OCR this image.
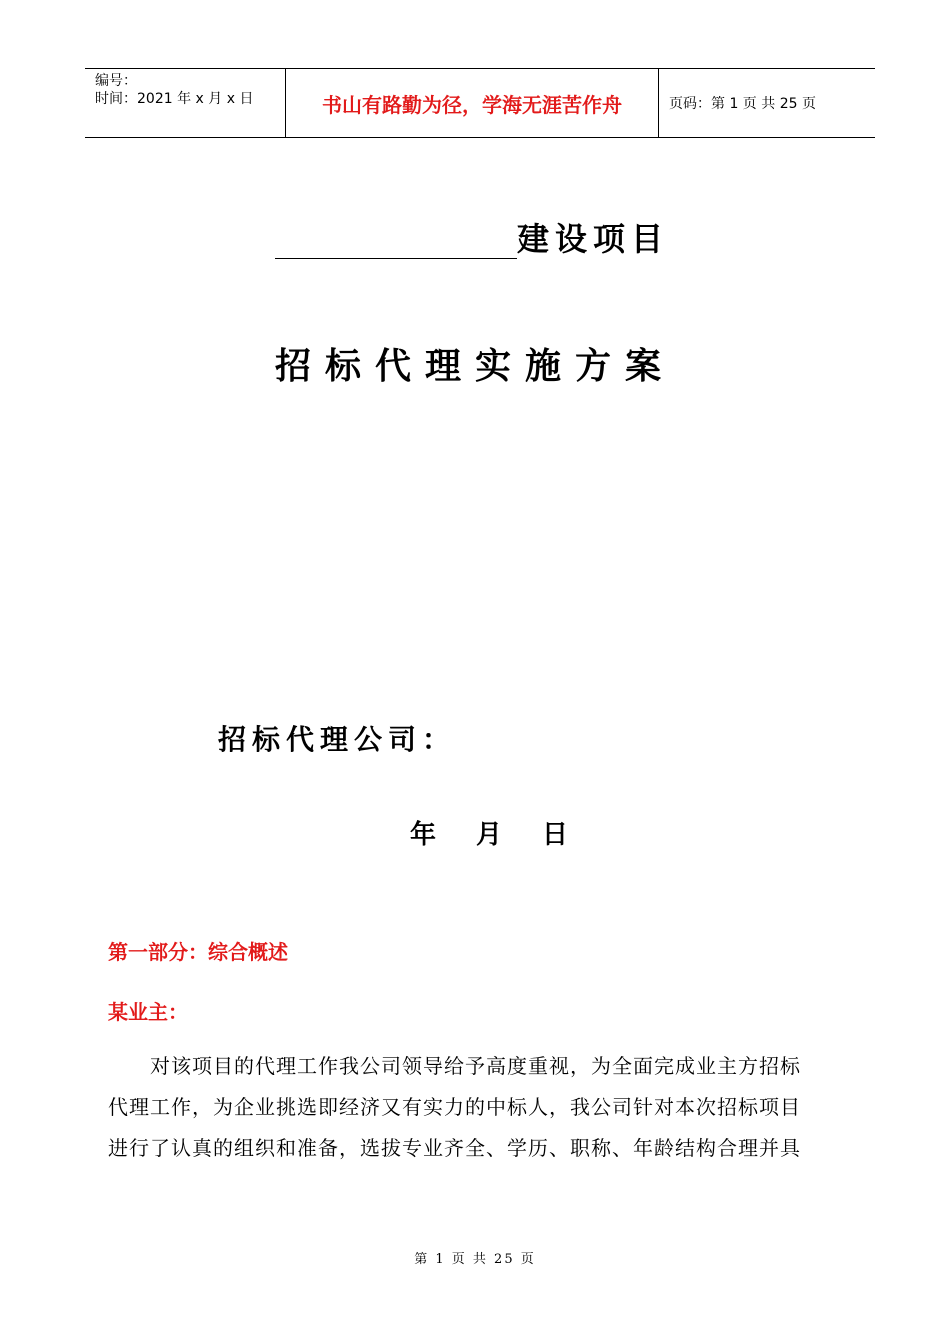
编号：
时间：2021 年 x 月 x 日	书山有路勤为径，学海无涯苦作舟	页码：第 1 页 共 25 页
建设项目
招标代理实施方案
招标代理公司：
年 月 日
第一部分：综合概述
某业主：
对该项目的代理工作我公司领导给予高度重视，为全面完成业主方招标
代理工作，为企业挑选即经济又有实力的中标人，我公司针对本次招标项目
进行了认真的组织和准备，选拔专业齐全、学历、职称、年龄结构合理并具
第 1 页 共 25 页
